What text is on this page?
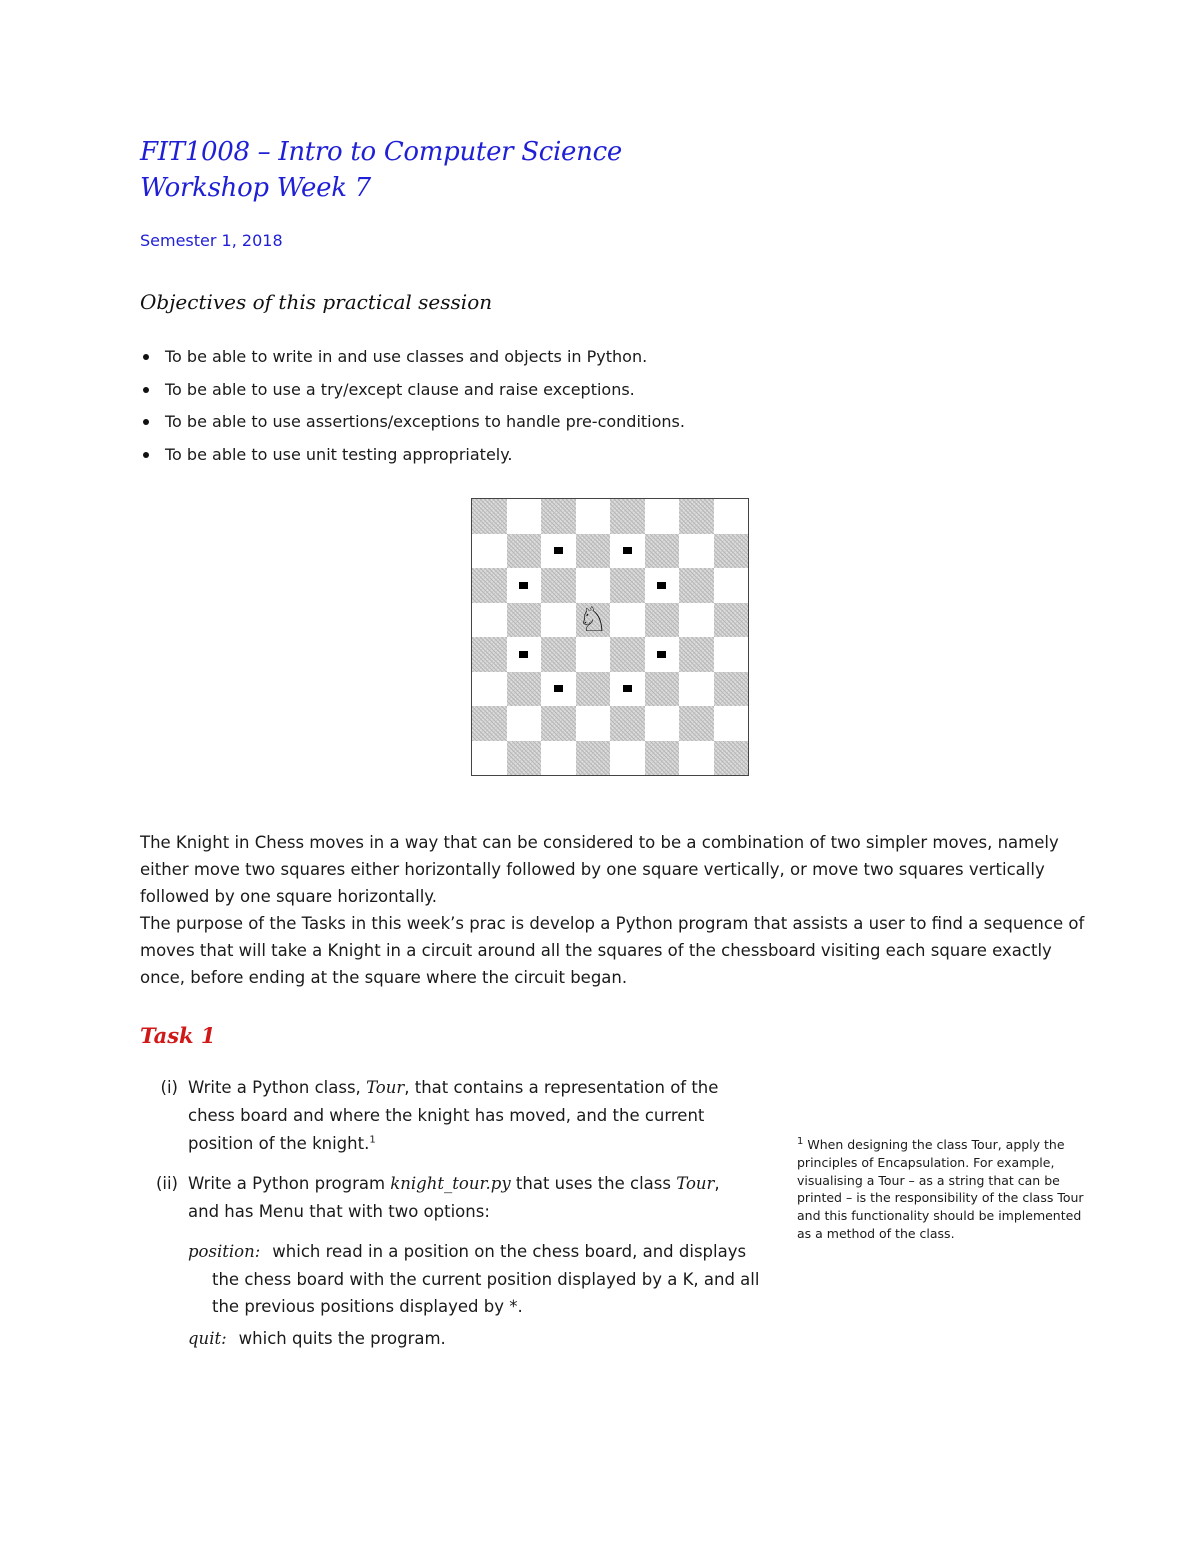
FIT1008 – Intro to Computer Science
Workshop Week 7
Semester 1, 2018
Objectives of this practical session
To be able to write in and use classes and objects in Python.
To be able to use a try/except clause and raise exceptions.
To be able to use assertions/exceptions to handle pre-conditions.
To be able to use unit testing appropriately.
♘

The Knight in Chess moves in a way that can be considered to be a combination of two simpler moves, namely either move two squares either horizontally followed by one square vertically, or move two squares vertically followed by one square horizontally.

The purpose of the Tasks in this week’s prac is develop a Python program that assists a user to find a sequence of moves that will take a Knight in a circuit around all the squares of the chessboard visiting each square exactly once, before ending at the square where the circuit began.

Task 1
(i) Write a Python class, Tour, that contains a representation of the chess board and where the knight has moved, and the current position of the knight.$^1$
(ii) Write a Python program knight_tour.py that uses the class Tour, and has Menu that with two options:
position: which read in a position on the chess board, and displays the chess board with the current position displayed by a K, and all the previous positions displayed by *.
quit: which quits the program.
$^1$ When designing the class Tour, apply the principles of Encapsulation. For example, visualising a Tour – as a string that can be printed – is the responsibility of the class Tour and this functionality should be implemented as a method of the class.
